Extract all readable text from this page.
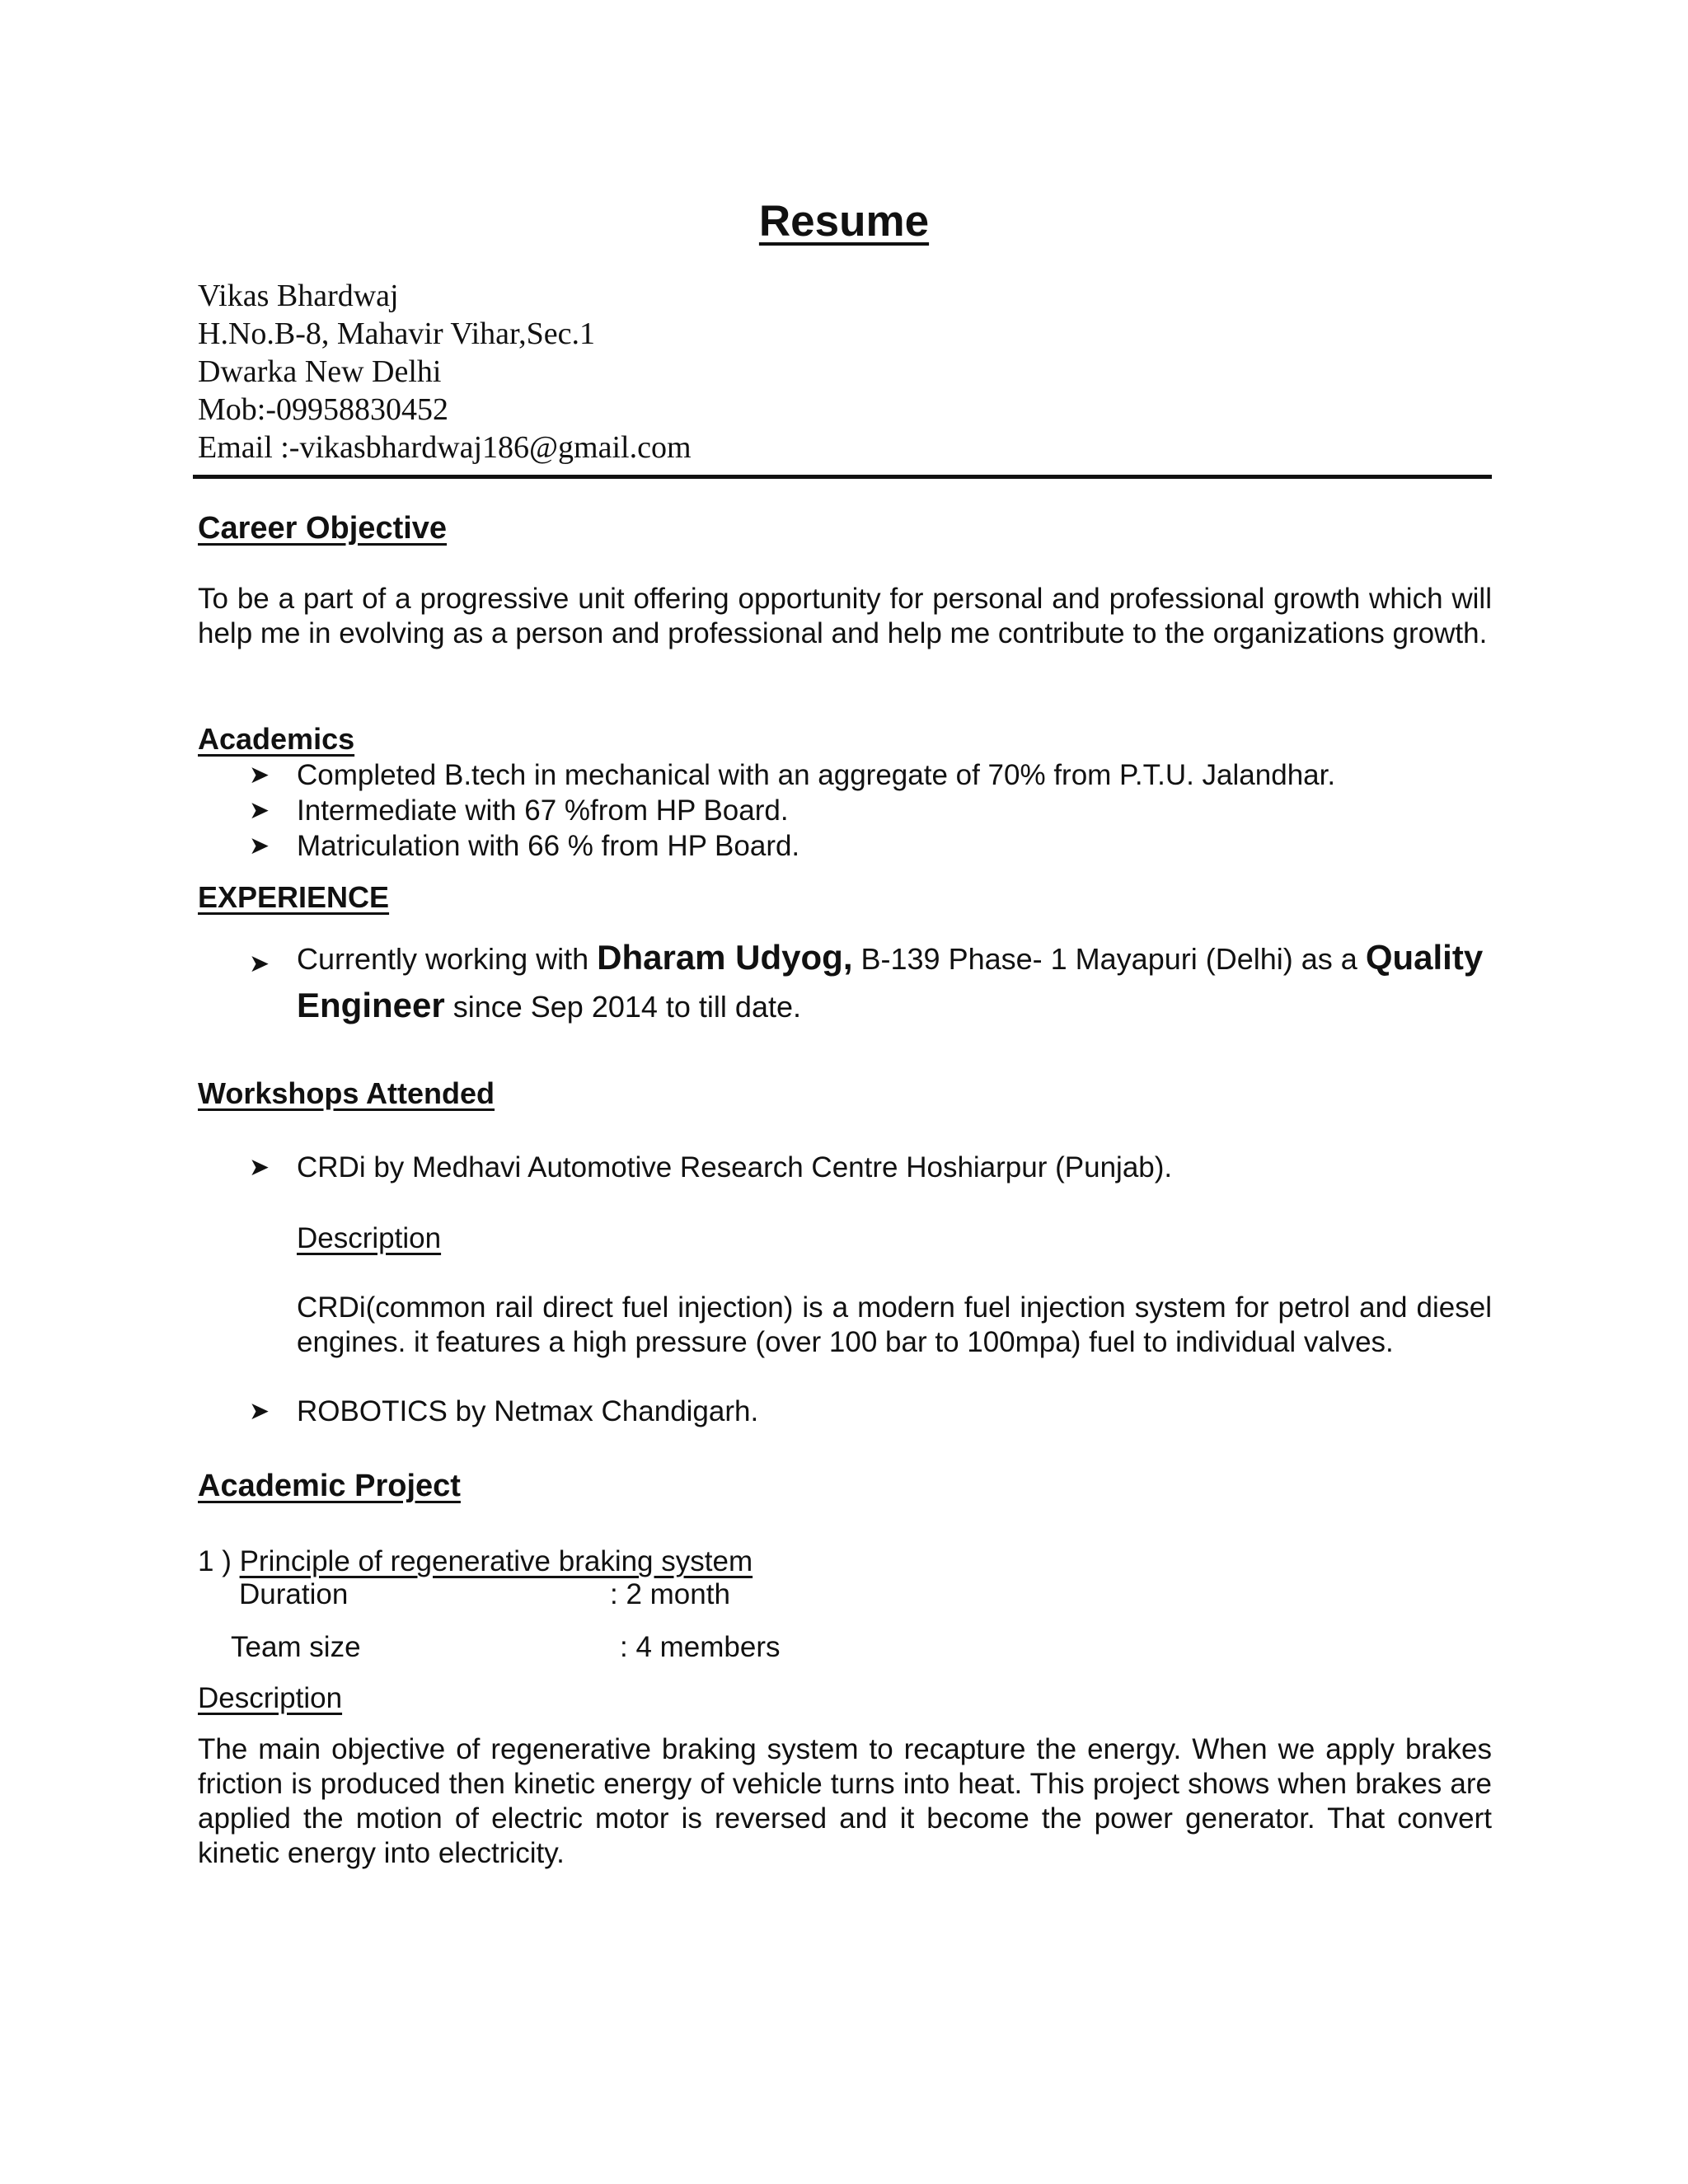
Resume
Vikas Bhardwaj
H.No.B-8, Mahavir Vihar,Sec.1
Dwarka New Delhi
Mob:-09958830452
Email :-vikasbhardwaj186@gmail.com
Career Objective
To be a part of a progressive unit offering opportunity for personal and professional growth which will help me in evolving as a person and professional and help me contribute to the organizations growth.
Academics
➤ Completed B.tech in mechanical with an aggregate of 70% from P.T.U. Jalandhar.
➤ Intermediate with 67 %from HP Board.
➤ Matriculation with 66 % from HP Board.
EXPERIENCE
➤ Currently working with Dharam Udyog, B-139 Phase- 1 Mayapuri (Delhi) as a Quality Engineer since Sep 2014 to till date.
Workshops Attended
➤ CRDi by Medhavi Automotive Research Centre Hoshiarpur (Punjab).
Description
CRDi(common rail direct fuel injection) is a modern fuel injection system for petrol and diesel engines. it features a high pressure (over 100 bar to 100mpa) fuel to individual valves.
➤ ROBOTICS by Netmax Chandigarh.
Academic Project
1 ) Principle of regenerative braking system
Duration	: 2 month
Team size	: 4 members
Description
The main objective of regenerative braking system to recapture the energy. When we apply brakes friction is produced then kinetic energy of vehicle turns into heat. This project shows when brakes are applied the motion of electric motor is reversed and it become the power generator. That convert kinetic energy into electricity.
